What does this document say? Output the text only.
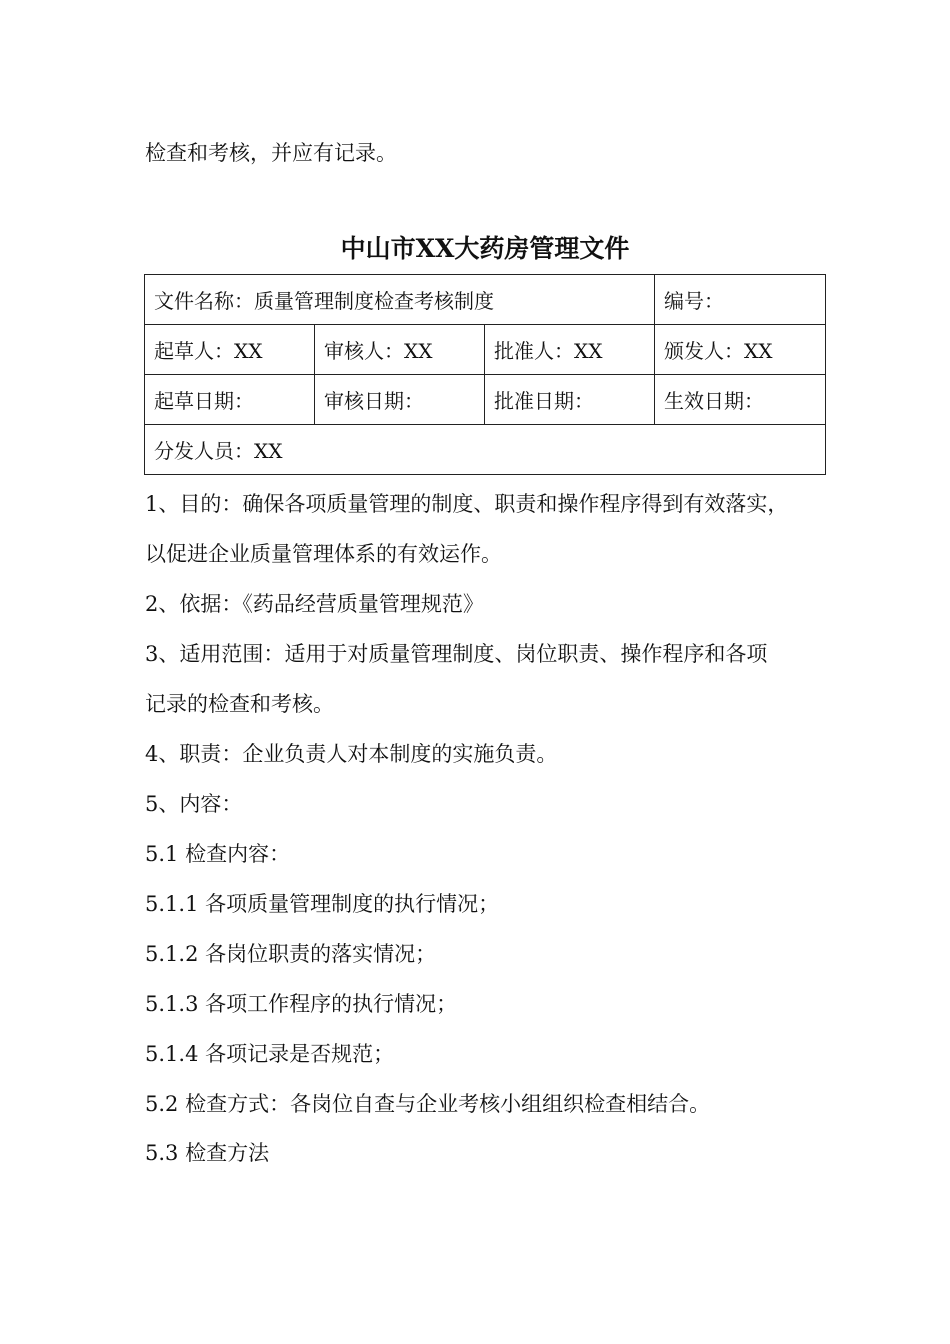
检查和考核，并应有记录。
中山市XX大药房管理文件
文件名称：质量管理制度检查考核制度			编号：
起草人：XX	审核人：XX	批准人：XX	颁发人：XX
起草日期：	审核日期：	批准日期：	生效日期：
分发人员：XX			
1、目的：确保各项质量管理的制度、职责和操作程序得到有效落实，
以促进企业质量管理体系的有效运作。
2、依据：《药品经营质量管理规范》
3、适用范围：适用于对质量管理制度、岗位职责、操作程序和各项
记录的检查和考核。
4、职责：企业负责人对本制度的实施负责。
5、内容：
5.1 检查内容：
5.1.1 各项质量管理制度的执行情况；
5.1.2 各岗位职责的落实情况；
5.1.3 各项工作程序的执行情况；
5.1.4 各项记录是否规范；
5.2 检查方式：各岗位自查与企业考核小组组织检查相结合。
5.3 检查方法
